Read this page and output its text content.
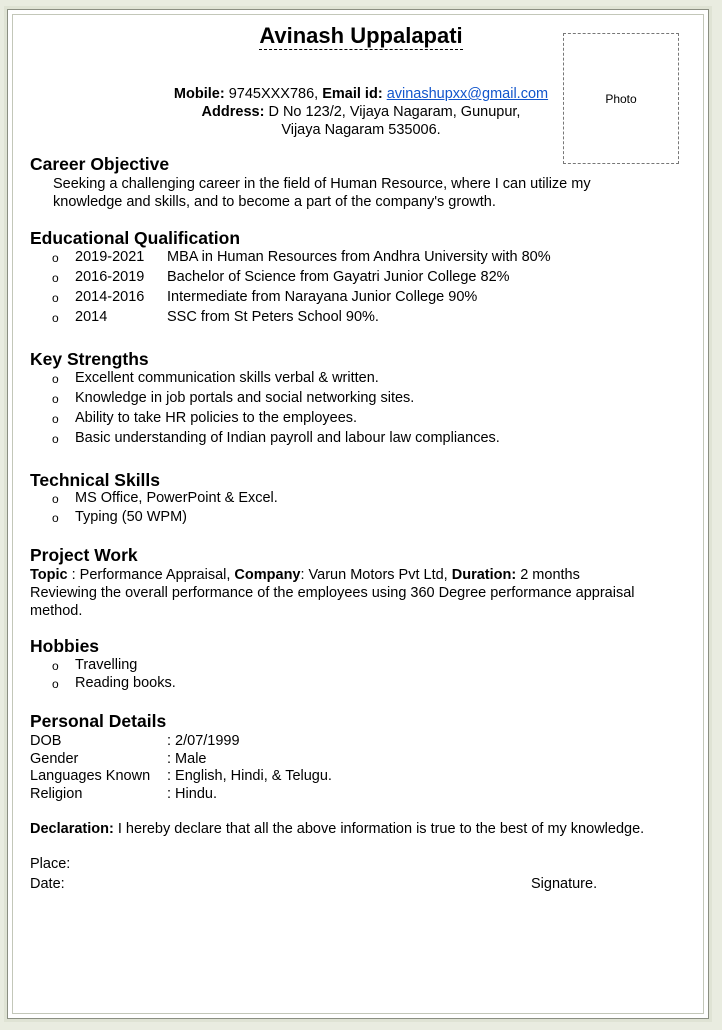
Avinash Uppalapati
Mobile: 9745XXX786, Email id: avinashupxx@gmail.com
Address: D No 123/2, Vijaya Nagaram, Gunupur,
Vijaya Nagaram 535006.
Photo
Career Objective
Seeking a challenging career in the field of Human Resource, where I can utilize my
knowledge and skills, and to become a part of the company's growth.
Educational Qualification
o 2019-2021 MBA in Human Resources from Andhra University with 80%
o 2016-2019 Bachelor of Science from Gayatri Junior College 82%
o 2014-2016 Intermediate from Narayana Junior College 90%
o 2014	SSC from St Peters School 90%.
Key Strengths
o Excellent communication skills verbal & written.
o Knowledge in job portals and social networking sites.
o Ability to take HR policies to the employees.
o Basic understanding of Indian payroll and labour law compliances.
Technical Skills
o MS Office, PowerPoint & Excel.
o Typing (50 WPM)
Project Work
Topic : Performance Appraisal, Company: Varun Motors Pvt Ltd, Duration: 2 months
Reviewing the overall performance of the employees using 360 Degree performance appraisal
method.
Hobbies
o Travelling
o Reading books.
Personal Details
DOB	: 2/07/1999
Gender	: Male
Languages Known : English, Hindi, & Telugu.
Religion	: Hindu.
Declaration: I hereby declare that all the above information is true to the best of my knowledge.
Place:
Date:	Signature.
